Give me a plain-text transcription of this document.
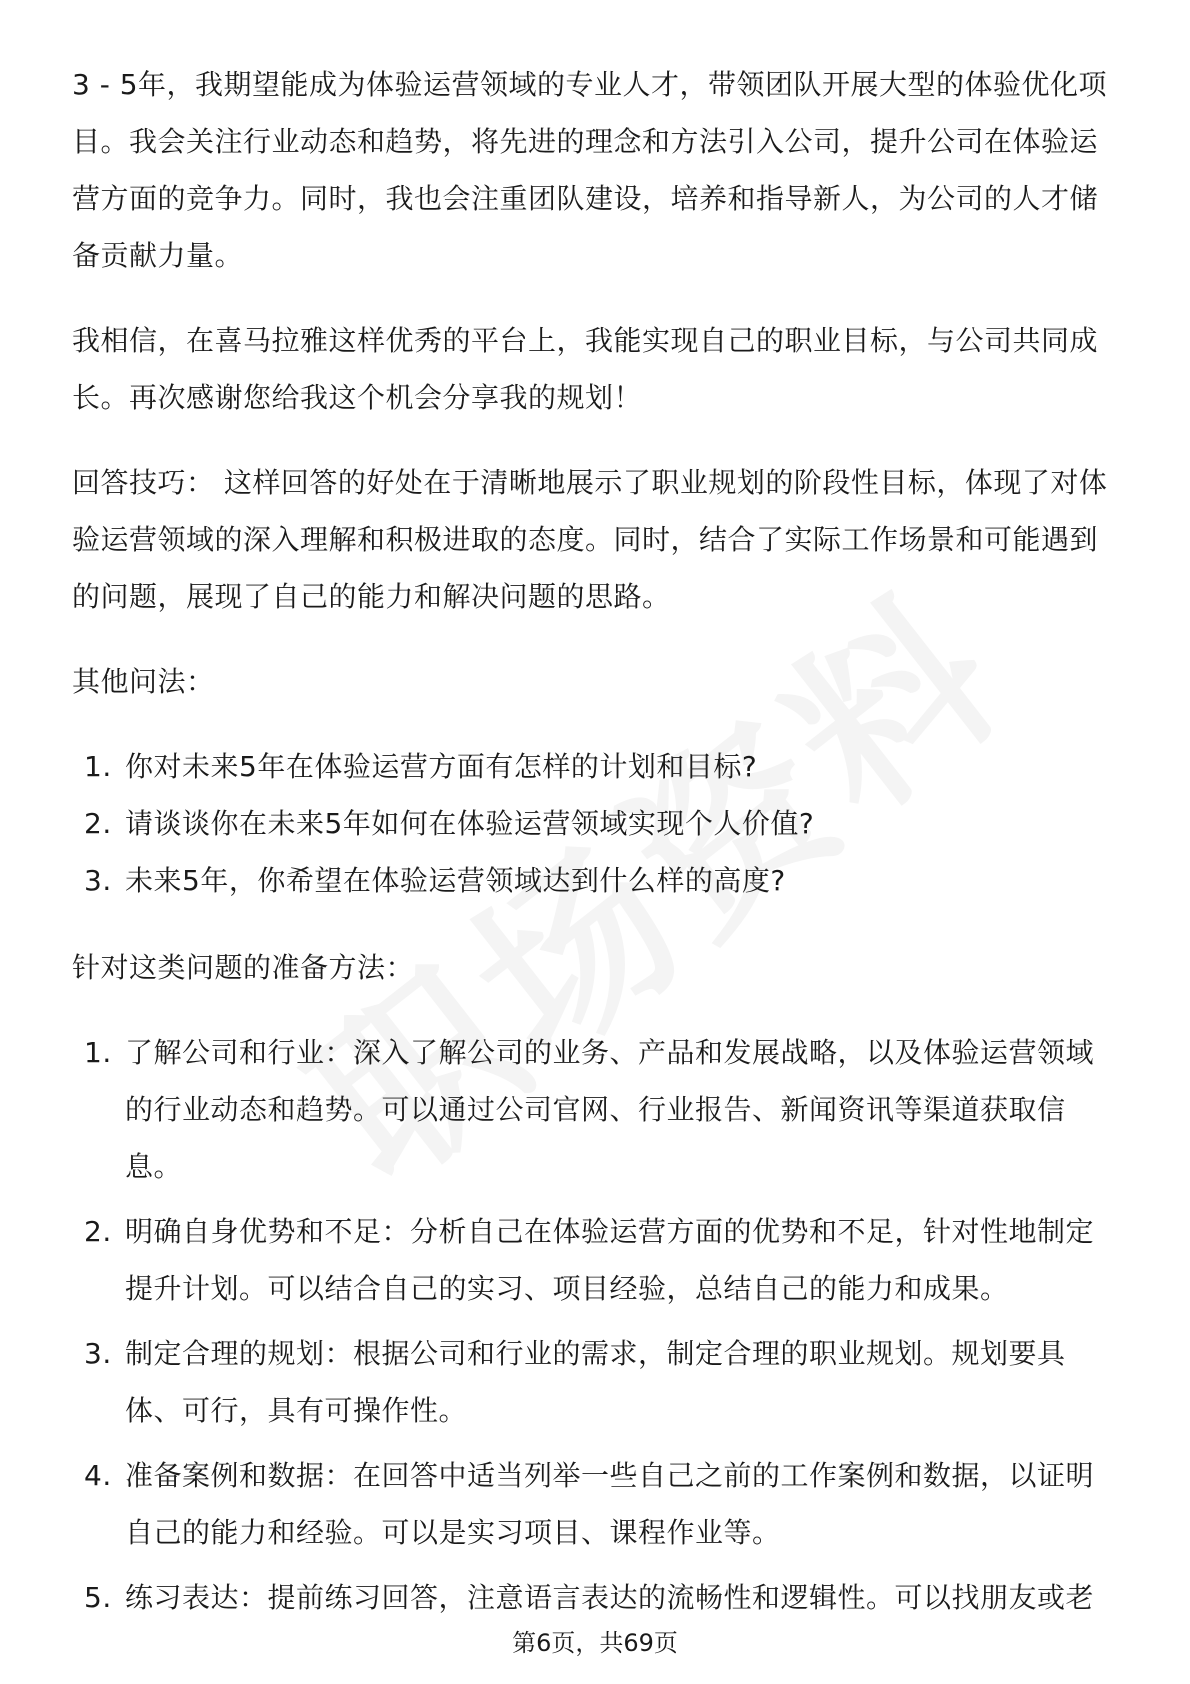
3 - 5年，我期望能成为体验运营领域的专业人才，带领团队开展大型的体验优化项目。我会关注行业动态和趋势，将先进的理念和方法引入公司，提升公司在体验运营方面的竞争力。同时，我也会注重团队建设，培养和指导新人，为公司的人才储备贡献力量。

我相信，在喜马拉雅这样优秀的平台上，我能实现自己的职业目标，与公司共同成长。再次感谢您给我这个机会分享我的规划！

回答技巧： 这样回答的好处在于清晰地展示了职业规划的阶段性目标，体现了对体验运营领域的深入理解和积极进取的态度。同时，结合了实际工作场景和可能遇到的问题，展现了自己的能力和解决问题的思路。

其他问法：

1. 你对未来5年在体验运营方面有怎样的计划和目标?
2. 请谈谈你在未来5年如何在体验运营领域实现个人价值?
3. 未来5年，你希望在体验运营领域达到什么样的高度?

针对这类问题的准备方法：

1. 了解公司和行业：深入了解公司的业务、产品和发展战略，以及体验运营领域的行业动态和趋势。可以通过公司官网、行业报告、新闻资讯等渠道获取信息。
2. 明确自身优势和不足：分析自己在体验运营方面的优势和不足，针对性地制定提升计划。可以结合自己的实习、项目经验，总结自己的能力和成果。
3. 制定合理的规划：根据公司和行业的需求，制定合理的职业规划。规划要具体、可行，具有可操作性。
4. 准备案例和数据：在回答中适当列举一些自己之前的工作案例和数据，以证明自己的能力和经验。可以是实习项目、课程作业等。
5. 练习表达：提前练习回答，注意语言表达的流畅性和逻辑性。可以找朋友或老
第6页，共69页
